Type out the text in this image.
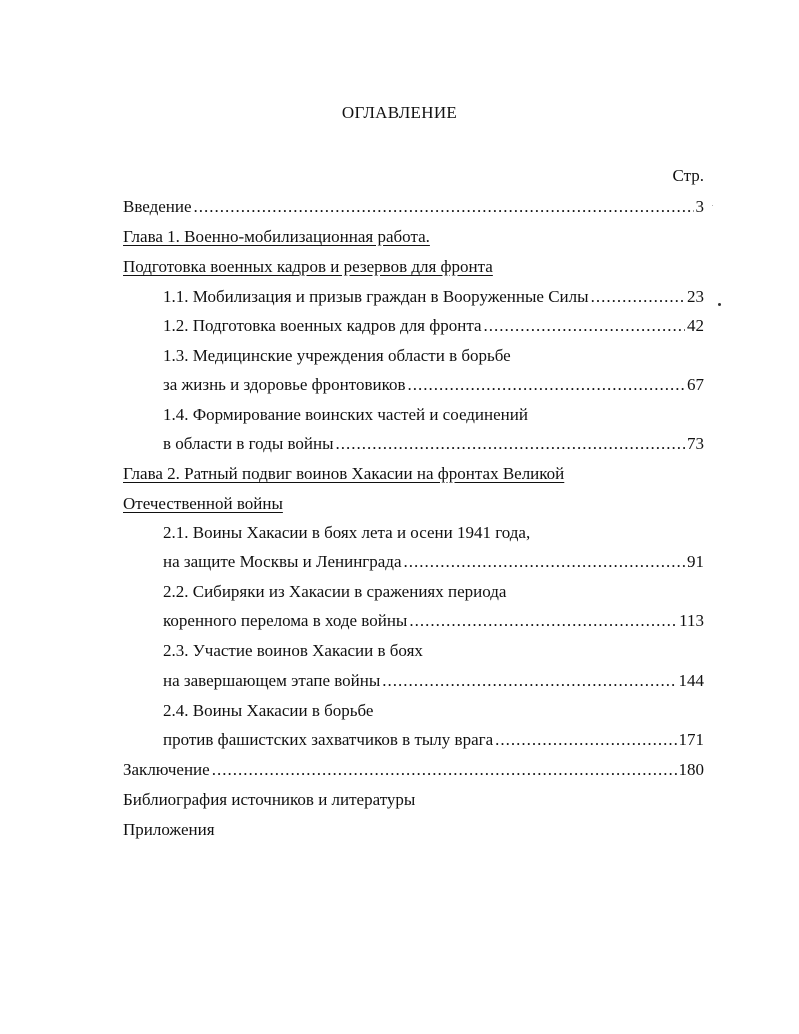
ОГЛАВЛЕНИЕ
Стр.
Введение .....	3
Глава 1. Военно-мобилизационная работа.
Подготовка военных кадров и резервов для фронта
1.1. Мобилизация и призыв граждан в Вооруженные Силы .....	23
1.2. Подготовка военных кадров для фронта .....	42
1.3. Медицинские учреждения области в борьбе
за жизнь и здоровье фронтовиков .....	67
1.4. Формирование воинских частей и соединений
в области в годы войны .....	73
Глава 2. Ратный подвиг воинов Хакасии на фронтах Великой
Отечественной войны
2.1. Воины Хакасии в боях лета и осени 1941 года,
на защите Москвы и Ленинграда .....	91
2.2. Сибиряки из Хакасии в сражениях периода
коренного перелома в ходе войны .....	113
2.3. Участие воинов Хакасии в боях
на завершающем этапе войны .....	144
2.4. Воины Хакасии в борьбе
против фашистских захватчиков в тылу врага .....	171
Заключение .....	180
Библиография источников и литературы
Приложения
